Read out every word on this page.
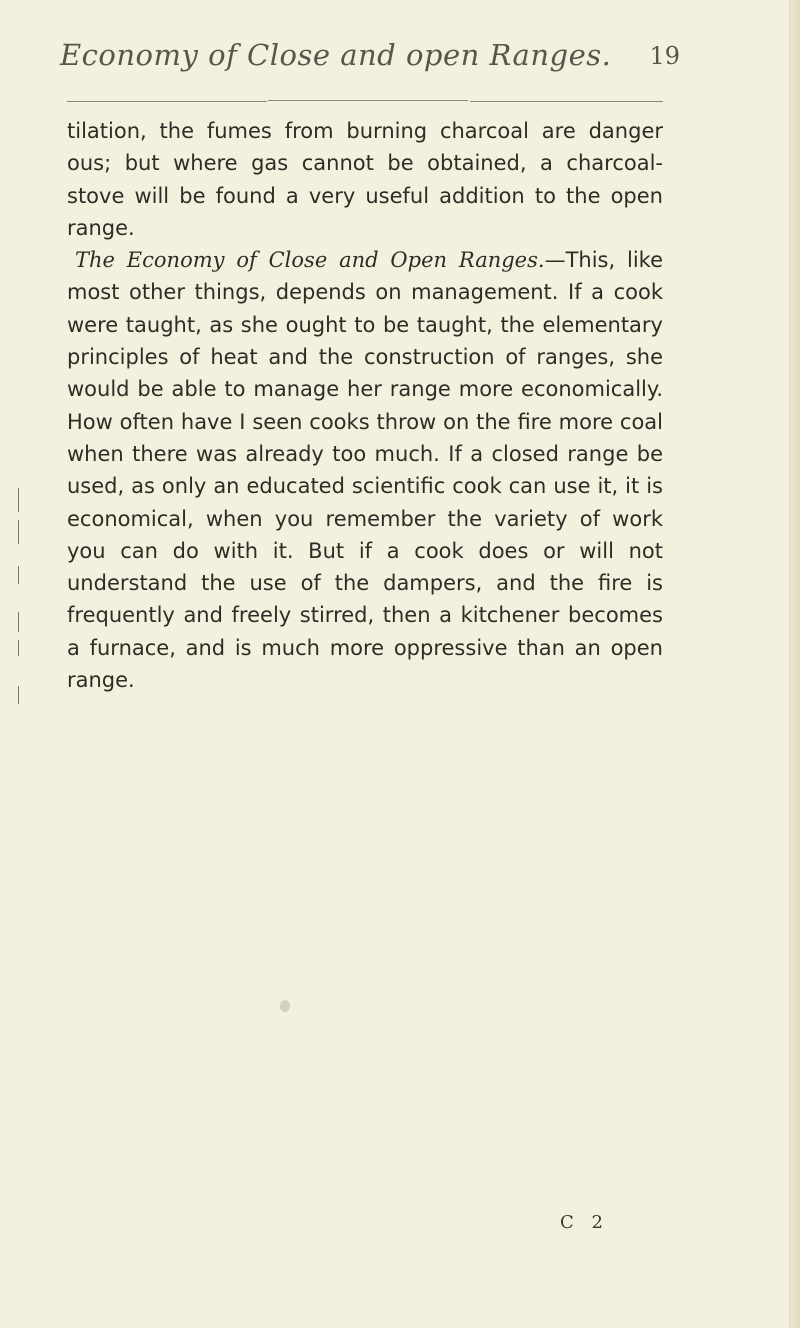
Economy of Close and open Ranges. 19

tilation, the fumes from burning charcoal are danger ous; but where gas cannot be obtained, a charcoal-stove will be found a very useful addition to the open range.

The Economy of Close and Open Ranges.—This, like most other things, depends on management. If a cook were taught, as she ought to be taught, the elementary principles of heat and the construction of ranges, she would be able to manage her range more economically. How often have I seen cooks throw on the fire more coal when there was already too much. If a closed range be used, as only an educated scientific cook can use it, it is economical, when you remember the variety of work you can do with it. But if a cook does or will not understand the use of the dampers, and the fire is frequently and freely stirred, then a kitchener becomes a furnace, and is much more oppressive than an open range.

C 2
